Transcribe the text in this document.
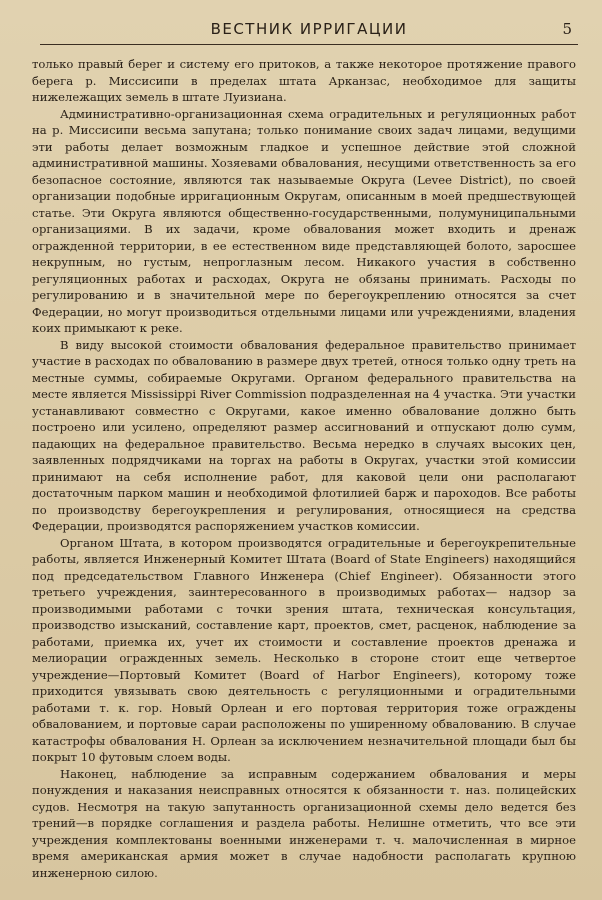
ВЕСТНИК ИРРИГАЦИИ	5

только правый берег и систему его притоков, а также некоторое протяжение правого берега р. Миссисипи в пределах штата Арканзас, необходимое для защиты нижележащих земель в штате Луизиана.

Административно-организационная схема оградительных и регуляционных работ на р. Миссисипи весьма запутана; только понимание своих задач лицами, ведущими эти работы делает возможным гладкое и успешное действие этой сложной административной машины. Хозяевами обвалования, несущими ответственность за его безопасное состояние, являются так называемые Округа (Levee District), по своей организации подобные ирригационным Округам, описанным в моей предшествующей статье. Эти Округа являются общественно-государственными, полумуниципальными организациями. В их задачи, кроме обвалования может входить и дренаж огражденной территории, в ее естественном виде представляющей болото, заросшее некрупным, но густым, непроглазным лесом. Никакого участия в собственно регуляционных работах и расходах, Округа не обязаны принимать. Расходы по регулированию и в значительной мере по берегоукреплению относятся за счет Федерации, но могут производиться отдельными лицами или учреждениями, владения коих примыкают к реке.

В виду высокой стоимости обвалования федеральное правительство принимает участие в расходах по обвалованию в размере двух третей, относя только одну треть на местные суммы, собираемые Округами. Органом федерального правительства на месте является Mississippi River Commission подразделенная на 4 участка. Эти участки устанавливают совместно с Округами, какое именно обвалование должно быть построено или усилено, определяют размер ассигнований и отпускают долю сумм, падающих на федеральное правительство. Весьма нередко в случаях высоких цен, заявленных подрядчиками на торгах на работы в Округах, участки этой комиссии принимают на себя исполнение работ, для каковой цели они располагают достаточным парком машин и необходимой флотилией барж и пароходов. Все работы по производству берегоукрепления и регулирования, относящиеся на средства Федерации, производятся распоряжением участков комиссии.

Органом Штата, в котором производятся оградительные и берегоукрепительные работы, является Инженерный Комитет Штата (Board of State Engineers) находящийся под председательством Главного Инженера (Chief Engineer). Обязанности этого третьего учреждения, заинтересованного в производимых работах— надзор за производимыми работами с точки зрения штата, техническая консультация, производство изысканий, составление карт, проектов, смет, расценок, наблюдение за работами, приемка их, учет их стоимости и составление проектов дренажа и мелиорации огражденных земель. Несколько в стороне стоит еще четвертое учреждение—Портовый Комитет (Board of Harbor Engineers), которому тоже приходится увязывать свою деятельность с регуляционными и оградительными работами т. к. гор. Новый Орлеан и его портовая территория тоже ограждены обвалованием, и портовые сараи расположены по уширенному обвалованию. В случае катастрофы обвалования Н. Орлеан за исключением незначительной площади был бы покрыт 10 футовым слоем воды.

Наконец, наблюдение за исправным содержанием обвалования и меры понуждения и наказания неисправных относятся к обязанности т. наз. полицейских судов. Несмотря на такую запутанность организационной схемы дело ведется без трений—в порядке соглашения и раздела работы. Нелишне отметить, что все эти учреждения комплектованы военными инженерами т. ч. малочисленная в мирное время американская армия может в случае надобности располагать крупною инженерною силою.
